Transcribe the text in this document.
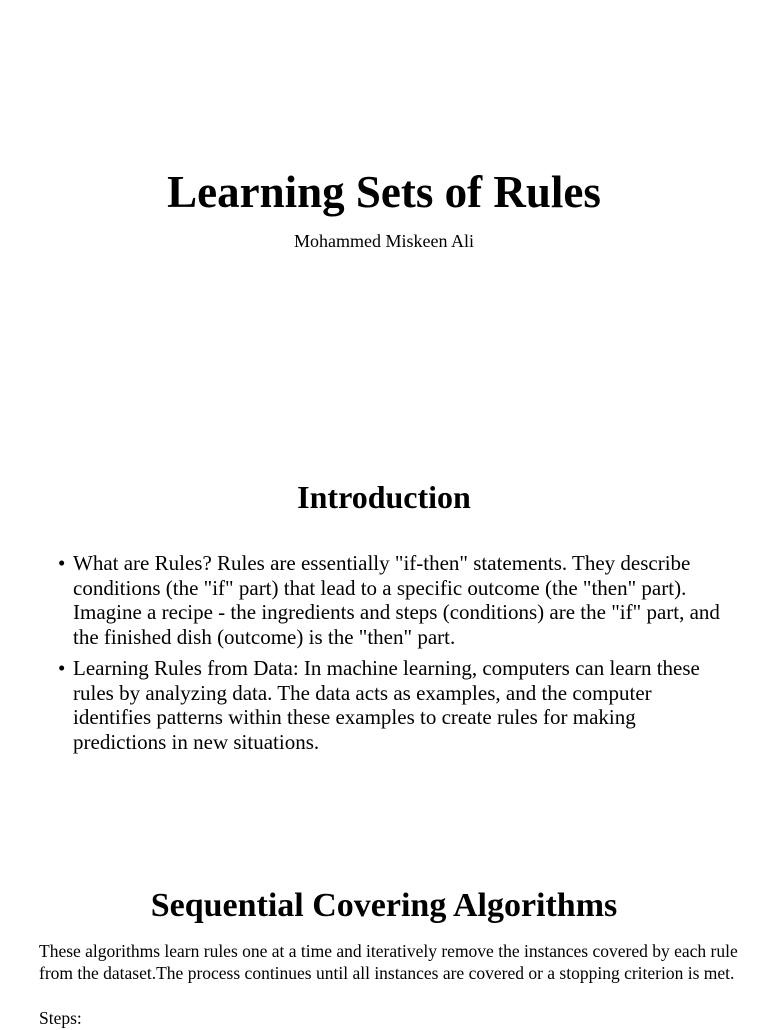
Learning Sets of Rules

Mohammed Miskeen Ali

Introduction
• What are Rules? Rules are essentially "if-then" statements. They describe conditions (the "if" part) that lead to a specific outcome (the "then" part). Imagine a recipe - the ingredients and steps (conditions) are the "if" part, and the finished dish (outcome) is the "then" part.
• Learning Rules from Data: In machine learning, computers can learn these rules by analyzing data. The data acts as examples, and the computer identifies patterns within these examples to create rules for making predictions in new situations.
Sequential Covering Algorithms

These algorithms learn rules one at a time and iteratively remove the instances covered by each rule from the dataset.The process continues until all instances are covered or a stopping criterion is met.

Steps:
